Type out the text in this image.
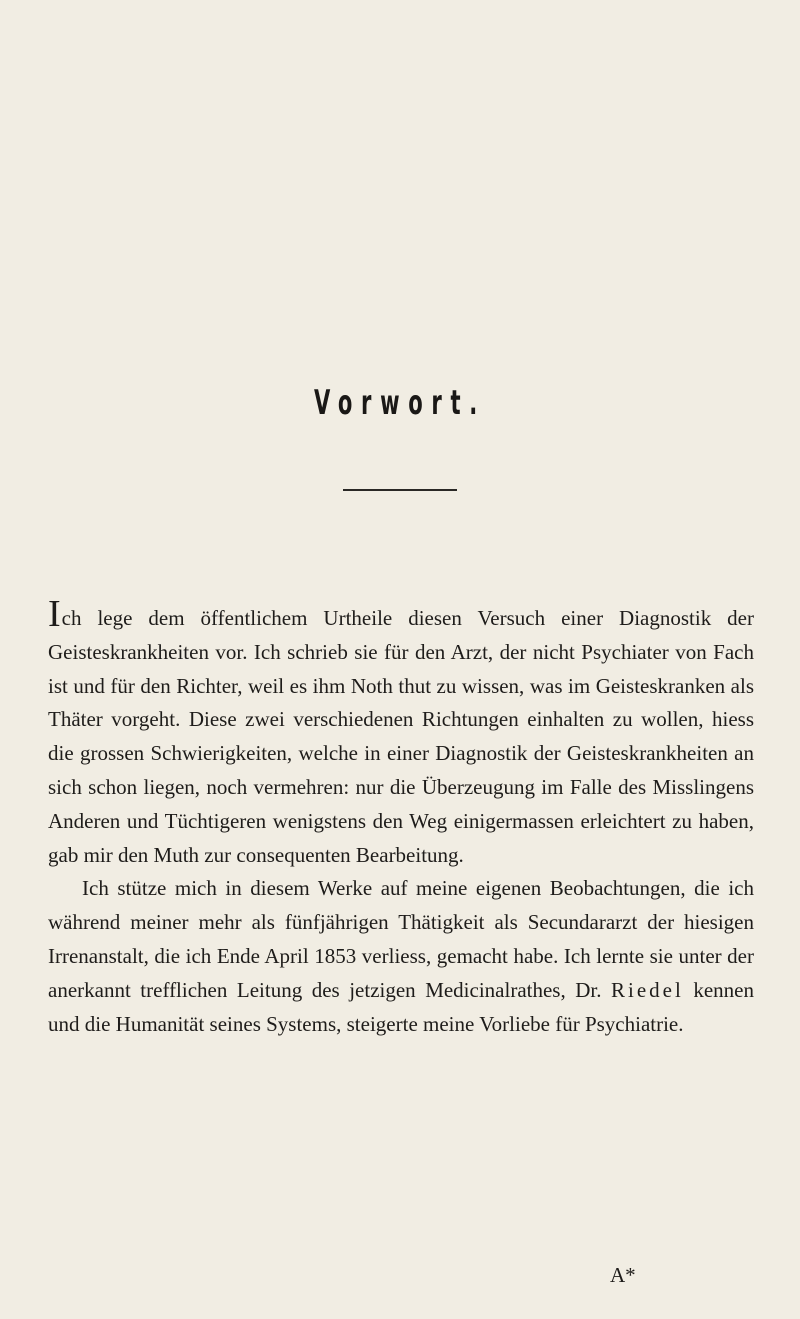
Vorwort.

Ich lege dem öffentlichem Urtheile diesen Versuch einer Diagnostik der Geisteskrankheiten vor. Ich schrieb sie für den Arzt, der nicht Psychiater von Fach ist und für den Richter, weil es ihm Noth thut zu wissen, was im Geisteskranken als Thäter vorgeht. Diese zwei verschiedenen Richtungen einhalten zu wollen, hiess die grossen Schwierigkeiten, welche in einer Diagnostik der Geisteskrankheiten an sich schon liegen, noch vermehren: nur die Überzeugung im Falle des Misslingens Anderen und Tüchtigeren wenigstens den Weg einigermassen erleichtert zu haben, gab mir den Muth zur consequenten Bearbeitung.

Ich stütze mich in diesem Werke auf meine eigenen Beobachtungen, die ich während meiner mehr als fünfjährigen Thätigkeit als Secundararzt der hiesigen Irrenanstalt, die ich Ende April 1853 verliess, gemacht habe. Ich lernte sie unter der anerkannt trefflichen Leitung des jetzigen Medicinalrathes, Dr. Riedel kennen und die Humanität seines Systems, steigerte meine Vorliebe für Psychiatrie.

A*
